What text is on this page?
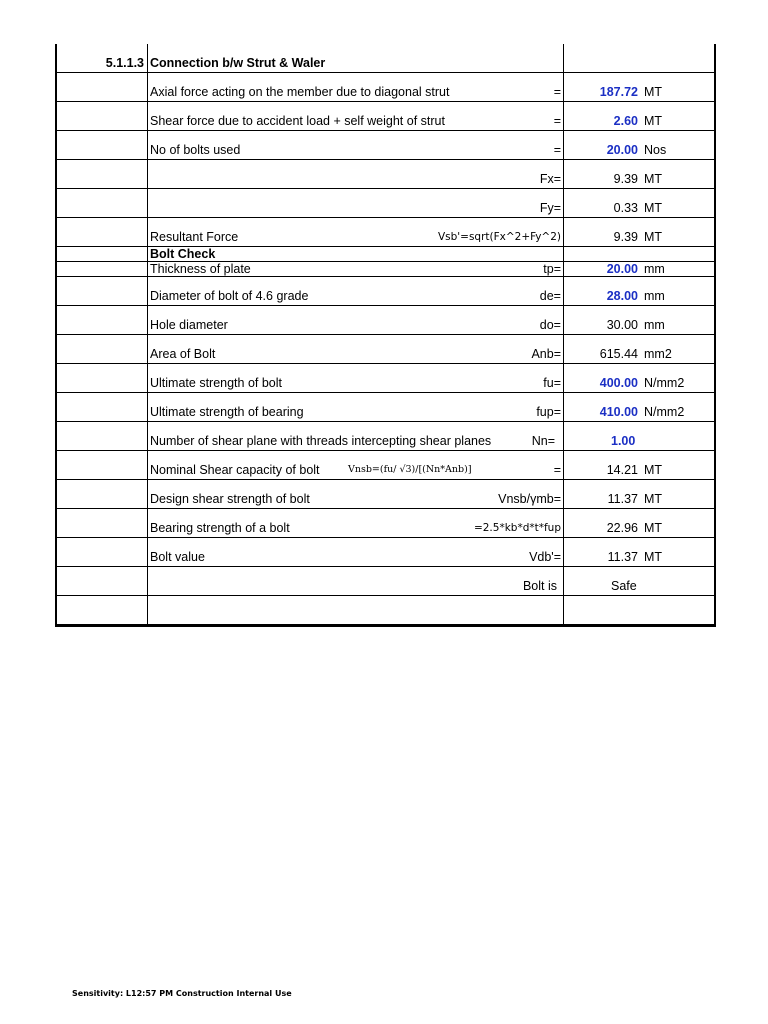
5.1.1.3 Connection b/w Strut & Waler
Axial force acting on the member due to diagonal strut	=	187.72 MT
Shear force due to accident load + self weight of strut	=	2.60 MT
No of bolts used	=	20.00 Nos
Fx=	9.39 MT
Fy=	0.33 MT
Resultant Force	Vsb'=sqrt(Fx^2+Fy^2)	9.39 MT
Bolt Check
Thickness of plate	tp=	20.00 mm
Diameter of bolt of 4.6 grade	de=	28.00 mm
Hole diameter	do=	30.00 mm
Area of Bolt	Anb=	615.44 mm2
Ultimate strength of bolt	fu=	400.00 N/mm2
Ultimate strength of bearing	fup=	410.00 N/mm2
Number of shear plane with threads intercepting shear planes	Nn=	1.00
Nominal Shear capacity of bolt	Vnsb=(fu/ √3)/[(Nn*Anb)]	=	14.21 MT
Design shear strength of bolt	Vnsb/γmb=	11.37 MT
Bearing strength of a bolt	=2.5*kb*d*t*fup	22.96 MT
Bolt value	Vdb'=	11.37 MT
Bolt is	Safe
Sensitivity: L12:57 PM Construction Internal Use
